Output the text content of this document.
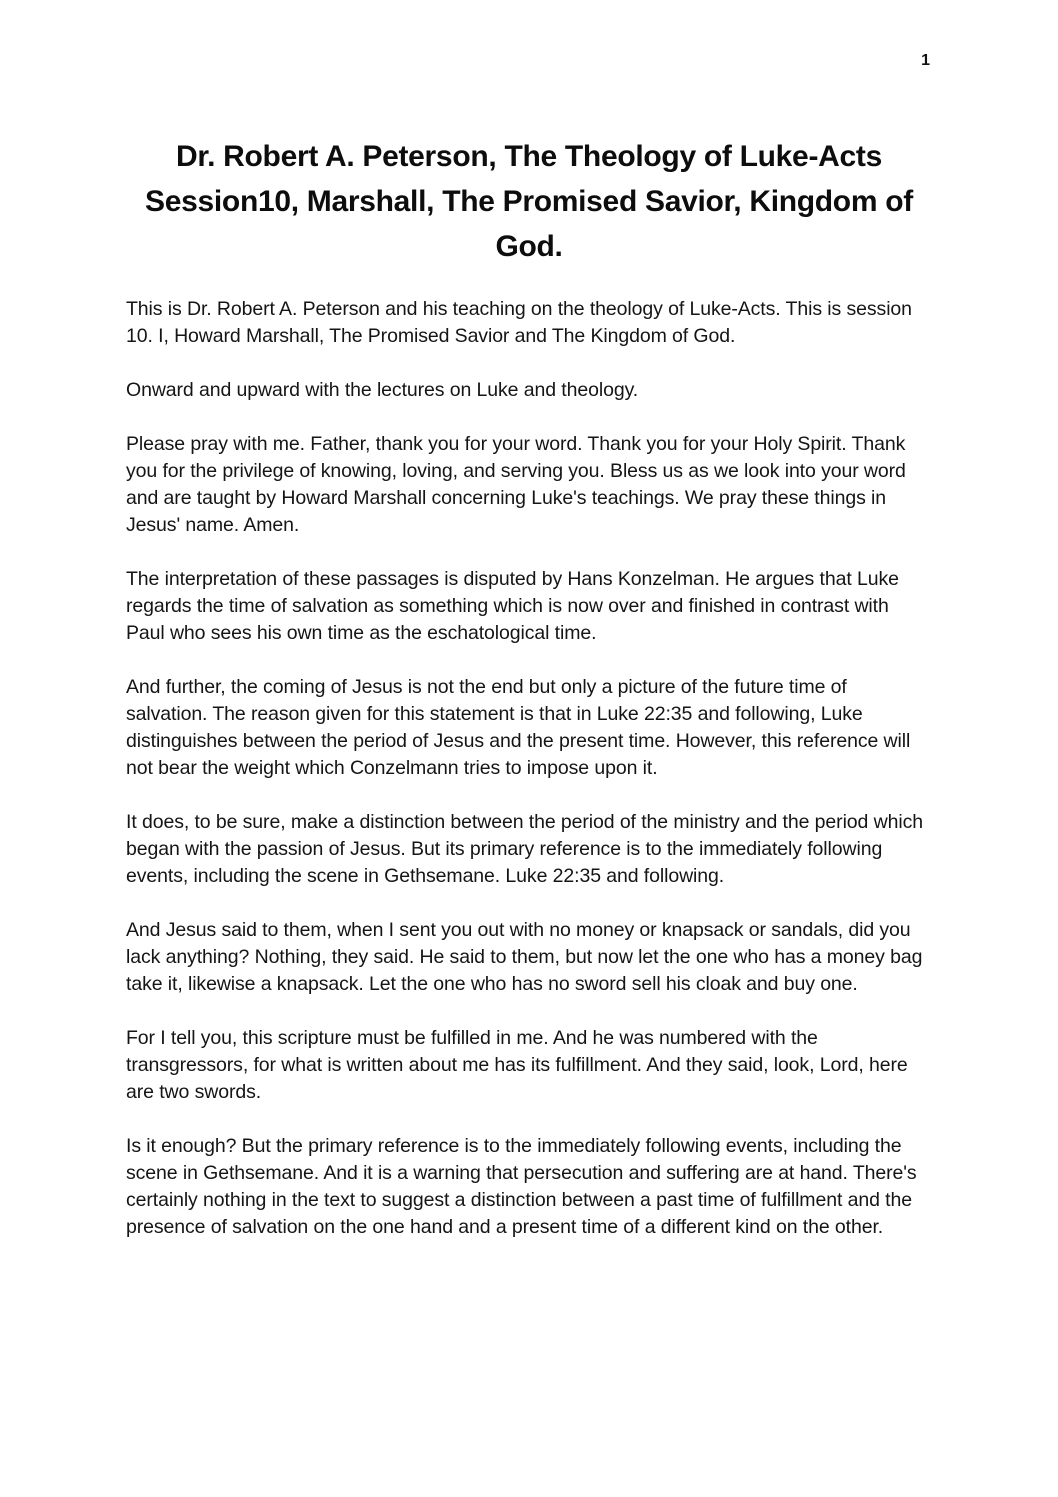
1
Dr. Robert A. Peterson, The Theology of Luke-Acts Session10, Marshall, The Promised Savior, Kingdom of God.

This is Dr. Robert A. Peterson and his teaching on the theology of Luke-Acts. This is session 10. I, Howard Marshall, The Promised Savior and The Kingdom of God.

Onward and upward with the lectures on Luke and theology.

Please pray with me. Father, thank you for your word. Thank you for your Holy Spirit. Thank you for the privilege of knowing, loving, and serving you. Bless us as we look into your word and are taught by Howard Marshall concerning Luke's teachings. We pray these things in Jesus' name. Amen.

The interpretation of these passages is disputed by Hans Konzelman. He argues that Luke regards the time of salvation as something which is now over and finished in contrast with Paul who sees his own time as the eschatological time.

And further, the coming of Jesus is not the end but only a picture of the future time of salvation. The reason given for this statement is that in Luke 22:35 and following, Luke distinguishes between the period of Jesus and the present time. However, this reference will not bear the weight which Conzelmann tries to impose upon it.

It does, to be sure, make a distinction between the period of the ministry and the period which began with the passion of Jesus. But its primary reference is to the immediately following events, including the scene in Gethsemane. Luke 22:35 and following.

And Jesus said to them, when I sent you out with no money or knapsack or sandals, did you lack anything? Nothing, they said. He said to them, but now let the one who has a money bag take it, likewise a knapsack. Let the one who has no sword sell his cloak and buy one.

For I tell you, this scripture must be fulfilled in me. And he was numbered with the transgressors, for what is written about me has its fulfillment. And they said, look, Lord, here are two swords.

Is it enough? But the primary reference is to the immediately following events, including the scene in Gethsemane. And it is a warning that persecution and suffering are at hand. There's certainly nothing in the text to suggest a distinction between a past time of fulfillment and the presence of salvation on the one hand and a present time of a different kind on the other.
